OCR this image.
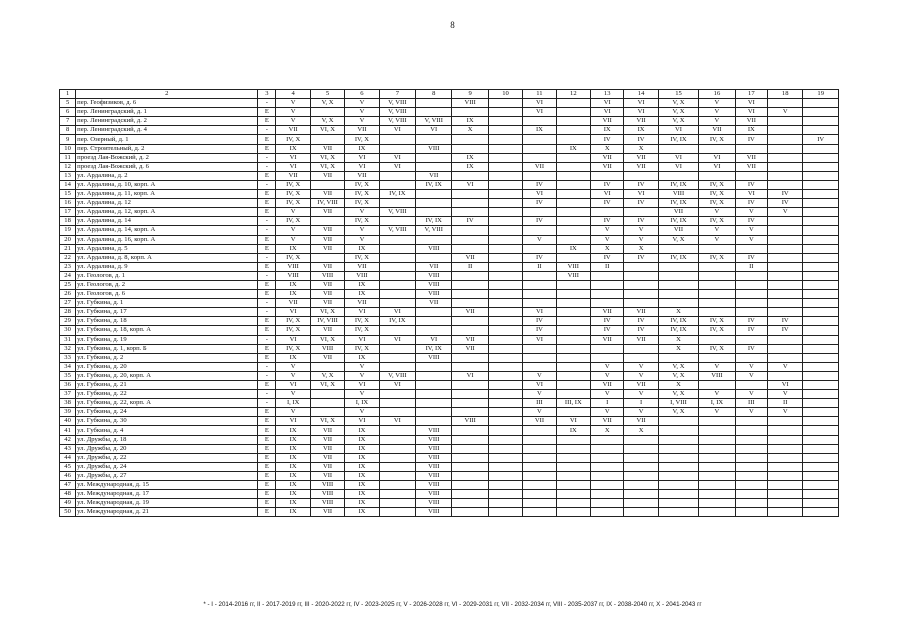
8
1	2	3	4	5	6	7	8	9	10	11	12	13	14	15	16	17	18	19
5	пер. Геофизиков, д. 6	-	V	V, X	V	V, VIII		VIII		VI		VI	VI	V, X	V	VI		
6	пер. Ленинградский, д. 1	E	V		V	V, VIII				VI		VI	VI	V, X	V	VI	V	
7	пер. Ленинградский, д. 2	E	V	V, X	V	V, VIII	V, VIII	IX				VII	VII	V, X	V	VII		
8	пер. Ленинградский, д. 4	-	VII	VI, X	VII	VI	VI	X		IX		IX	IX	VI	VII	IX		
9	пер. Озерный, д. 1	E	IV, X		IV, X							IV	IV	IV, IX	IV, X	IV		IV
10	пер. Строительный, д. 2	E	IX	VII	IX		VIII				IX	X	X					
11	проезд Лая-Вожский, д. 2	-	VI	VI, X	VI	VI		IX				VII	VII	VI	VI	VII		
12	проезд Лая-Вожский, д. 6	-	VI	VI, X	VI	VI		IX		VII		VII	VII	VI	VI	VII		
13	ул. Ардалина, д. 2	E	VII	VII	VII		VII											
14	ул. Ардалина, д. 10, корп. А	-	IV, X		IV, X		IV, IX	VI		IV		IV	IV	IV, IX	IV, X	IV		
15	ул. Ардалина, д. 11, корп. А	E	IV, X	VII	IV, X	IV, IX				VI		VI	VI	VIII	IV, X	VI	IV	
16	ул. Ардалина, д. 12	E	IV, X	IV, VIII	IV, X					IV		IV	IV	IV, IX	IV, X	IV	IV	
17	ул. Ардалина, д. 12, корп. А	E	V	VII	V	V, VIII								VII	V	V	V	
18	ул. Ардалина, д. 14	-	IV, X		IV, X		IV, IX	IV		IV		IV	IV	IV, IX	IV, X	IV		
19	ул. Ардалина, д. 14, корп. А	-	V	VII	V	V, VIII	V, VIII					V	V	VII	V	V		
20	ул. Ардалина, д. 16, корп. А	E	V	VII	V					V		V	V	V, X	V	V		
21	ул. Ардалина, д. 5	E	IX	VII	IX		VIII				IX	X	X					
22	ул. Ардалина, д. 8, корп. А	-	IV, X		IV, X			VII		IV		IV	IV	IV, IX	IV, X	IV		
23	ул. Ардалина, д. 9	E	VIII	VII	VII		VII	II		II	VIII	II				II		
24	ул. Геологов, д. 1	-	VIII	VIII	VIII		VIII				VIII							
25	ул. Геологов, д. 2	E	IX	VII	IX		VIII											
26	ул. Геологов, д. 6	E	IX	VII	IX		VIII											
27	ул. Губкина, д. 1	-	VII	VII	VII		VII											
28	ул. Губкина, д. 17	-	VI	VI, X	VI	VI		VII		VI		VII	VII	X				
29	ул. Губкина, д. 18	E	IV, X	IV, VIII	IV, X	IV, IX				IV		IV	IV	IV, IX	IV, X	IV	IV	
30	ул. Губкина, д. 18, корп. А	E	IV, X	VII	IV, X					IV		IV	IV	IV, IX	IV, X	IV	IV	
31	ул. Губкина, д. 19	-	VI	VI, X	VI	VI	VI	VII		VI		VII	VII	X				
32	ул. Губкина, д. 1, корп. Б	E	IV, X	VIII	IV, X		IV, IX	VII						X	IV, X	IV		
33	ул. Губкина, д. 2	E	IX	VII	IX		VIII											
34	ул. Губкина, д. 20	-	V		V							V	V	V, X	V	V	V	
35	ул. Губкина, д. 20, корп. А	-	V	V, X	V	V, VIII		VI		V		V	V	V, X	VIII	V		
36	ул. Губкина, д. 21	E	VI	VI, X	VI	VI				VI		VII	VII	X			VI	
37	ул. Губкина, д. 22	-	V		V					V		V	V	V, X	V	V	V	
38	ул. Губкина, д. 22, корп. А	-	I, IX		I, IX					III	III, IX	I	I	I, VIII	I, IX	III	II	
39	ул. Губкина, д. 24	E	V		V					V		V	V	V, X	V	V	V	
40	ул. Губкина, д. 30	E	VI	VI, X	VI	VI		VIII		VII	VI	VII	VII					
41	ул. Губкина, д. 4	E	IX	VII	IX		VIII				IX	X	X					
42	ул. Дружбы, д. 18	E	IX	VII	IX		VIII											
43	ул. Дружбы, д. 20	E	IX	VII	IX		VIII											
44	ул. Дружбы, д. 22	E	IX	VII	IX		VIII											
45	ул. Дружбы, д. 24	E	IX	VII	IX		VIII											
46	ул. Дружбы, д. 27	E	IX	VII	IX		VIII											
47	ул. Международная, д. 15	E	IX	VIII	IX		VIII											
48	ул. Международная, д. 17	E	IX	VIII	IX		VIII											
49	ул. Международная, д. 19	E	IX	VIII	IX		VIII											
50	ул. Международная, д. 21	E	IX	VII	IX		VIII											
* - I - 2014-2016 гг, II - 2017-2019 гг, III - 2020-2022 гг, IV - 2023-2025 гг, V - 2026-2028 гг, VI - 2029-2031 гг, VII - 2032-2034 гг, VIII - 2035-2037 гг, IX - 2038-2040 гг, X - 2041-2043 гг
